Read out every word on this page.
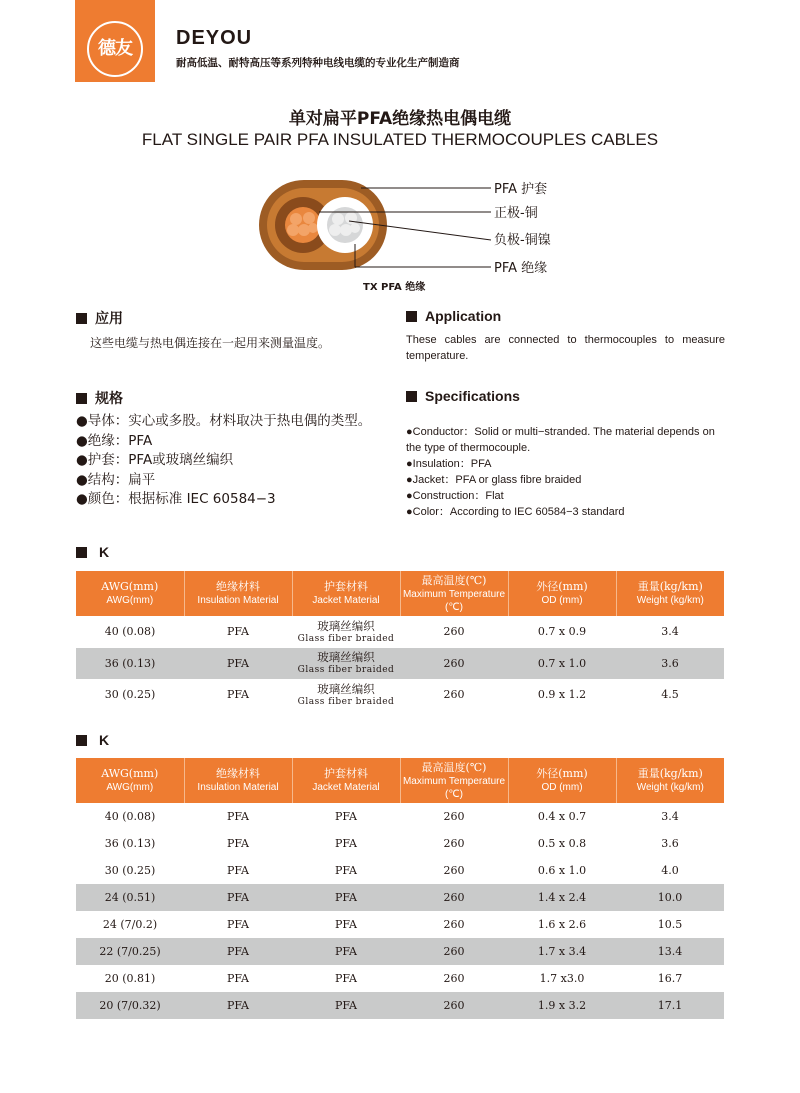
德友	DEYOU
耐高低温、耐特高压等系列特种电线电缆的专业化生产制造商
单对扁平PFA绝缘热电偶电缆
FLAT SINGLE PAIR PFA INSULATED THERMOCOUPLES CABLES
PFA 护套
正极-铜
负极-铜镍
PFA 绝缘
TX PFA 绝缘
应用
这些电缆与热电偶连接在一起用来测量温度。
Application
These cables are connected to thermocouples to measure temperature.
规格	Specifications
●导体：实心或多股。材料取决于热电偶的类型。
●绝缘：PFA
●护套：PFA或玻璃丝编织
●结构：扁平
●颜色：根据标准 IEC 60584−3
●Conductor：Solid or multi−stranded. The material depends on the type of thermocouple.
●Insulation：PFA
●Jacket：PFA or glass fibre braided
●Construction：Flat
●Color：According to IEC 60584−3 standard
K
AWG(mm)
AWG(mm)	绝缘材料
Insulation Material	护套材料
Jacket Material	最高温度(℃)
Maximum Temperature (℃)	外径(mm)
OD (mm)	重量(kg/km)
Weight (kg/km)

40 (0.08)	PFA	玻璃丝编织
Glass fiber braided	260	0.7 x 0.9	3.4
36 (0.13)	PFA	玻璃丝编织
Glass fiber braided	260	0.7 x 1.0	3.6
30 (0.25)	PFA	玻璃丝编织
Glass fiber braided	260	0.9 x 1.2	4.5
K
AWG(mm)
AWG(mm)	绝缘材料
Insulation Material	护套材料
Jacket Material	最高温度(℃)
Maximum Temperature (℃)	外径(mm)
OD (mm)	重量(kg/km)
Weight (kg/km)

40 (0.08)	PFA	PFA	260	0.4 x 0.7	3.4
36 (0.13)	PFA	PFA	260	0.5 x 0.8	3.6
30 (0.25)	PFA	PFA	260	0.6 x 1.0	4.0
24 (0.51)	PFA	PFA	260	1.4 x 2.4	10.0
24 (7/0.2)	PFA	PFA	260	1.6 x 2.6	10.5
22 (7/0.25)	PFA	PFA	260	1.7 x 3.4	13.4
20 (0.81)	PFA	PFA	260	1.7 x3.0	16.7
20 (7/0.32)	PFA	PFA	260	1.9 x 3.2	17.1
